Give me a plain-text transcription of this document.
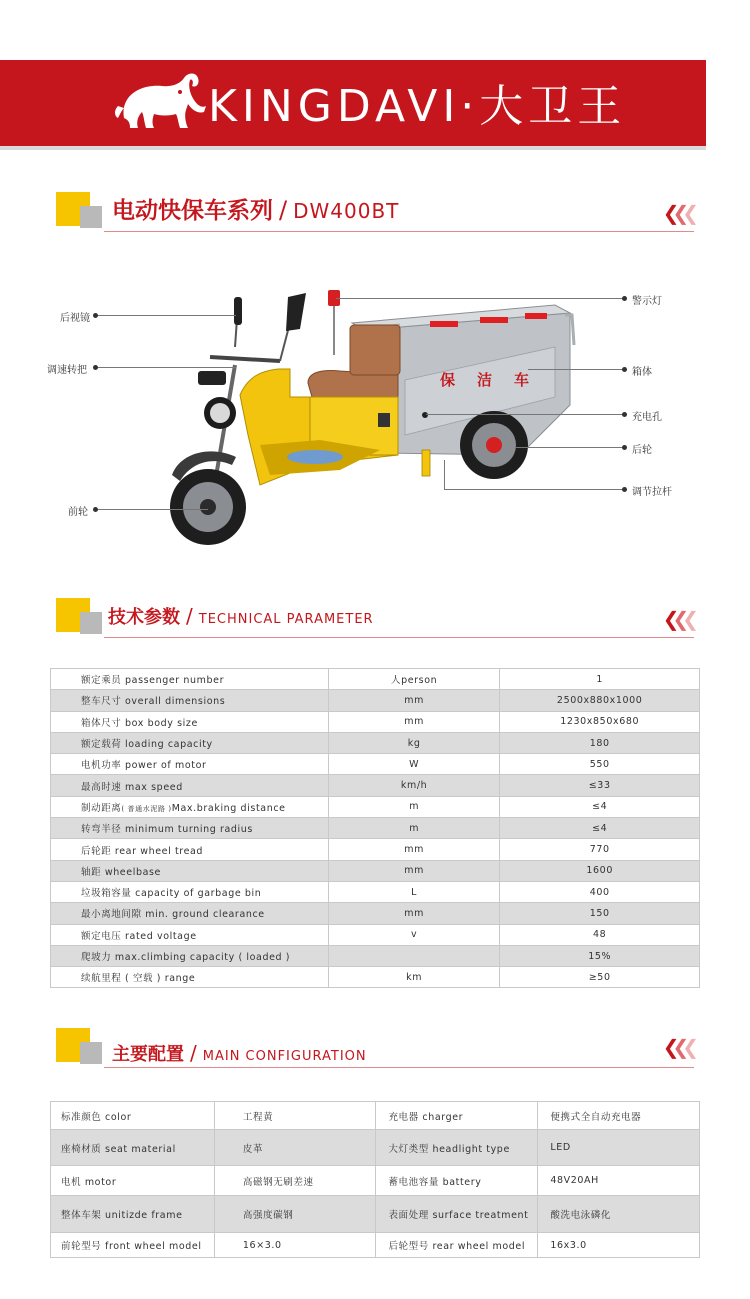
KINGDAVI·大卫王
电动快保车系列 / DW400BT	❮❮❮
保洁车
后视镜
调速转把
前轮
警示灯
箱体
充电孔
后轮
调节拉杆
技术参数 / TECHNICAL PARAMETER	❮❮❮
额定乘员 passenger number	人person	1
整车尺寸 overall dimensions	mm	2500x880x1000
箱体尺寸 box body size	mm	1230x850x680
额定载荷 loading capacity	kg	180
电机功率 power of motor	W	550
最高时速 max speed	km/h	≤33
制动距离( 普通水泥路 )Max.braking distance	m	≤4
转弯半径 minimum turning radius	m	≤4
后轮距 rear wheel tread	mm	770
轴距 wheelbase	mm	1600
垃圾箱容量 capacity of garbage bin	L	400
最小离地间隙 min. ground clearance	mm	150
额定电压 rated voltage	v	48
爬坡力 max.climbing capacity ( loaded )		15%
续航里程 ( 空载 ) range	km	≥50
主要配置 / MAIN CONFIGURATION	❮❮❮
标准颜色 color	工程黄	充电器 charger	便携式全自动充电器
座椅材质 seat material	皮革	大灯类型 headlight type	LED
电机 motor	高磁钢无刷差速	蓄电池容量 battery	48V20AH
整体车架 unitizde frame	高强度碳钢	表面处理 surface treatment	酸洗电泳磷化
前轮型号 front wheel model	16×3.0	后轮型号 rear wheel model	16x3.0
